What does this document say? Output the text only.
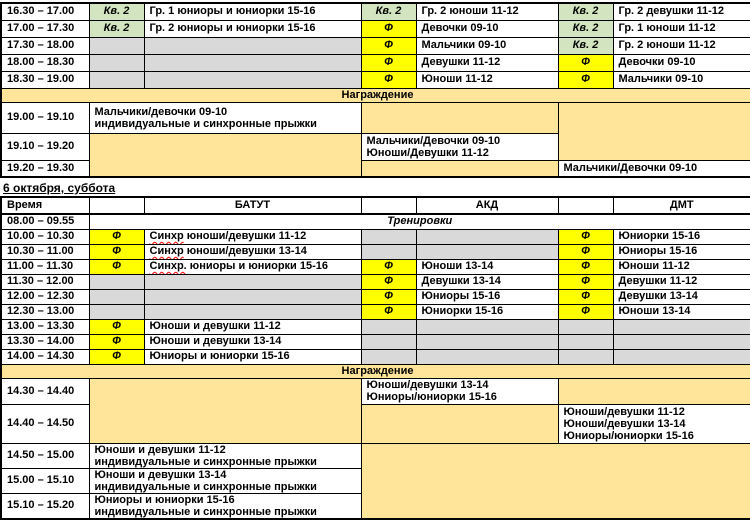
16.30 – 17.00	Кв. 2	Гр. 1 юниоры и юниорки 15-16	Кв. 2	Гр. 2 юноши 11-12	Кв. 2	Гр. 2 девушки 11-12
17.00 – 17.30	Кв. 2	Гр. 2 юниоры и юниорки 15-16	Ф	Девочки 09-10	Кв. 2	Гр. 1 юноши 11-12
17.30 – 18.00			Ф	Мальчики 09-10	Кв. 2	Гр. 2 юноши 11-12
18.00 – 18.30			Ф	Девушки 11-12	Ф	Девочки 09-10
18.30 – 19.00			Ф	Юноши 11-12	Ф	Мальчики 09-10
Награждение						
19.00 – 19.10	Мальчики/девочки 09-10
индивидуальные и синхронные прыжки					

19.10 – 19.20			Мальчики/Девочки 09-10
Юноши/Девушки 11-12			

19.20 – 19.30					Мальчики/Девочки 09-10	
6 октября, суббота
Время		БАТУТ		АКД		ДМТ
08.00 – 09.55	Тренировки					
10.00 – 10.30	Ф	Синхр юноши/девушки 11-12			Ф	Юниорки 15-16
10.30 – 11.00	Ф	Синхр юноши/девушки 13-14			Ф	Юниоры 15-16
11.00 – 11.30	Ф	Синхр. юниоры и юниорки 15-16	Ф	Юноши 13-14	Ф	Юноши 11-12
11.30 – 12.00			Ф	Девушки 13-14	Ф	Девушки 11-12
12.00 – 12.30			Ф	Юниоры 15-16	Ф	Девушки 13-14
12.30 – 13.00			Ф	Юниорки 15-16	Ф	Юноши 13-14
13.00 – 13.30	Ф	Юноши и девушки 11-12				
13.30 – 14.00	Ф	Юноши и девушки 13-14				
14.00 – 14.30	Ф	Юниоры и юниорки 15-16				
Награждение						
14.30 – 14.40			Юноши/девушки 13-14
Юниоры/юниорки 15-16			

14.40 – 14.50					Юноши/девушки 11-12
Юноши/девушки 13-14
Юниоры/юниорки 15-16	

14.50 – 15.00	Юноши и девушки 11-12
индивидуальные и синхронные прыжки					

15.00 – 15.10	Юноши и девушки 13-14
индивидуальные и синхронные прыжки					

15.10 – 15.20	Юниоры и юниорки 15-16
индивидуальные и синхронные прыжки					
